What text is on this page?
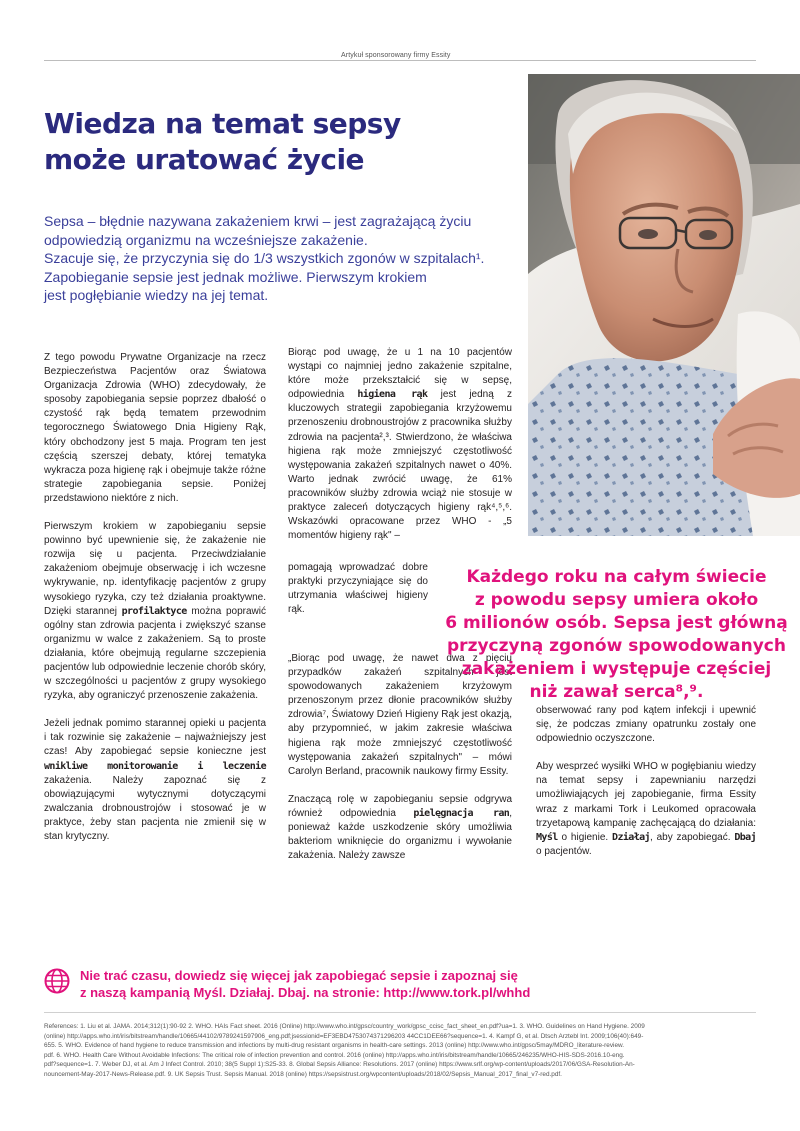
Artykuł sponsorowany firmy Essity
Wiedza na temat sepsy
może uratować życie
Sepsa – błędnie nazywana zakażeniem krwi – jest zagrażającą życiu
odpowiedzią organizmu na wcześniejsze zakażenie.
Szacuje się, że przyczynia się do 1/3 wszystkich zgonów w szpitalach¹.
Zapobieganie sepsie jest jednak możliwe. Pierwszym krokiem
jest pogłębianie wiedzy na jej temat.

Z tego powodu Prywatne Organizacje na rzecz Bezpieczeństwa Pacjentów oraz Światowa Organizacja Zdrowia (WHO) zdecydowały, że sposoby zapobiegania sepsie poprzez dbałość o czystość rąk będą tematem przewodnim tegorocznego Światowego Dnia Higieny Rąk, który obchodzony jest 5 maja. Program ten jest częścią szerszej debaty, której tematyka wykracza poza higienę rąk i obejmuje także różne strategie zapobiegania sepsie. Poniżej przedstawiono niektóre z nich.

Pierwszym krokiem w zapobieganiu sepsie powinno być upewnienie się, że zakażenie nie rozwija się u pacjenta. Przeciwdziałanie zakażeniom obejmuje obserwację i ich wczesne wykrywanie, np. identyfikację pacjentów z grupy wysokiego ryzyka, czy też działania proaktywne. Dzięki starannej profilaktyce można poprawić ogólny stan zdrowia pacjenta i zwiększyć szanse organizmu w walce z zakażeniem. Są to proste działania, które obejmują regularne szczepienia pacjentów lub odpowiednie leczenie chorób skóry, w szczególności u pacjentów z grupy wysokiego ryzyka, aby ograniczyć przenoszenie zakażenia.

Jeżeli jednak pomimo starannej opieki u pacjenta i tak rozwinie się zakażenie – najważniejszy jest czas! Aby zapobiegać sepsie konieczne jest wnikliwe monitorowanie i leczenie zakażenia. Należy zapoznać się z obowiązującymi wytycznymi dotyczącymi zwalczania drobnoustrojów i stosować je w praktyce, żeby stan pacjenta nie zmienił się w stan krytyczny.

Biorąc pod uwagę, że u 1 na 10 pacjentów wystąpi co najmniej jedno zakażenie szpitalne, które może przekształcić się w sepsę, odpowiednia higiena rąk jest jedną z kluczowych strategii zapobiegania krzyżowemu przenoszeniu drobnoustrojów z pracownika służby zdrowia na pacjenta²,³. Stwierdzono, że właściwa higiena rąk może zmniejszyć częstotliwość występowania zakażeń szpitalnych nawet o 40%. Warto jednak zwrócić uwagę, że 61% pracowników służby zdrowia wciąż nie stosuje w praktyce zaleceń dotyczących higieny rąk⁴,⁵,⁶. Wskazówki opracowane przez WHO - „5 momentów higieny rąk" –

pomagają wprowadzać dobre praktyki przyczyniające się do utrzymania właściwej higieny rąk.

„Biorąc pod uwagę, że nawet dwa z pięciu przypadków zakażeń szpitalnych jest spowodowanych zakażeniem krzyżowym przenoszonym przez dłonie pracowników służby zdrowia⁷, Światowy Dzień Higieny Rąk jest okazją, aby przypomnieć, w jakim zakresie właściwa higiena rąk może zmniejszyć częstotliwość występowania zakażeń szpitalnych" – mówi Carolyn Berland, pracownik naukowy firmy Essity.

Znaczącą rolę w zapobieganiu sepsie odgrywa również odpowiednia pielęgnacja ran, ponieważ każde uszkodzenie skóry umożliwia bakteriom wniknięcie do organizmu i wywołanie zakażenia. Należy zawsze

Każdego roku na całym świecie
z powodu sepsy umiera około
6 milionów osób. Sepsa jest główną
przyczyną zgonów spowodowanych
zakażeniem i występuje częściej
niż zawał serca⁸,⁹.

obserwować rany pod kątem infekcji i upewnić się, że podczas zmiany opatrunku zostały one odpowiednio oczyszczone.

Aby wesprzeć wysiłki WHO w pogłębianiu wiedzy na temat sepsy i zapewnianiu narzędzi umożliwiających jej zapobieganie, firma Essity wraz z markami Tork i Leukomed opracowała trzyetapową kampanię zachęcającą do działania: Myśl o higienie. Działaj, aby zapobiegać. Dbaj o pacjentów.

Nie trać czasu, dowiedz się więcej jak zapobiegać sepsie i zapoznaj się
z naszą kampanią Myśl. Działaj. Dbaj. na stronie: http://www.tork.pl/whhd
References: 1. Liu et al. JAMA. 2014;312(1):90-92 2. WHO. HAIs Fact sheet. 2016 (Online) http://www.who.int/gpsc/country_work/gpsc_ccisc_fact_sheet_en.pdf?ua=1. 3. WHO. Guidelines on Hand Hygiene. 2009
(online) http://apps.who.int/iris/bitstream/handle/10665/44102/9789241597906_eng.pdf;jsessionid=EF3EBD4753074371296203 44CC1DEE66?sequence=1. 4. Kampf G, et al. Dtsch Arztebl Int. 2009;106(40):649-
655. 5. WHO. Evidence of hand hygiene to reduce transmission and infections by multi-drug resistant organisms in health-care settings. 2013 (online) http://www.who.int/gpsc/5may/MDRO_literature-review.
pdf. 6. WHO. Health Care Without Avoidable Infections: The critical role of infection prevention and control. 2016 (online) http://apps.who.int/iris/bitstream/handle/10665/246235/WHO-HIS-SDS-2016.10-eng.
pdf?sequence=1. 7. Weber DJ, et al. Am J Infect Control. 2010; 38(5 Suppl 1):S25-33. 8. Global Sepsis Alliance: Resolutions. 2017 (online) https://www.srlf.org/wp-content/uploads/2017/06/GSA-Resolution-An-
nouncement-May-2017-News-Release.pdf. 9. UK Sepsis Trust. Sepsis Manual. 2018 (online) https://sepsistrust.org/wpcontent/uploads/2018/02/Sepsis_Manual_2017_final_v7-red.pdf.
